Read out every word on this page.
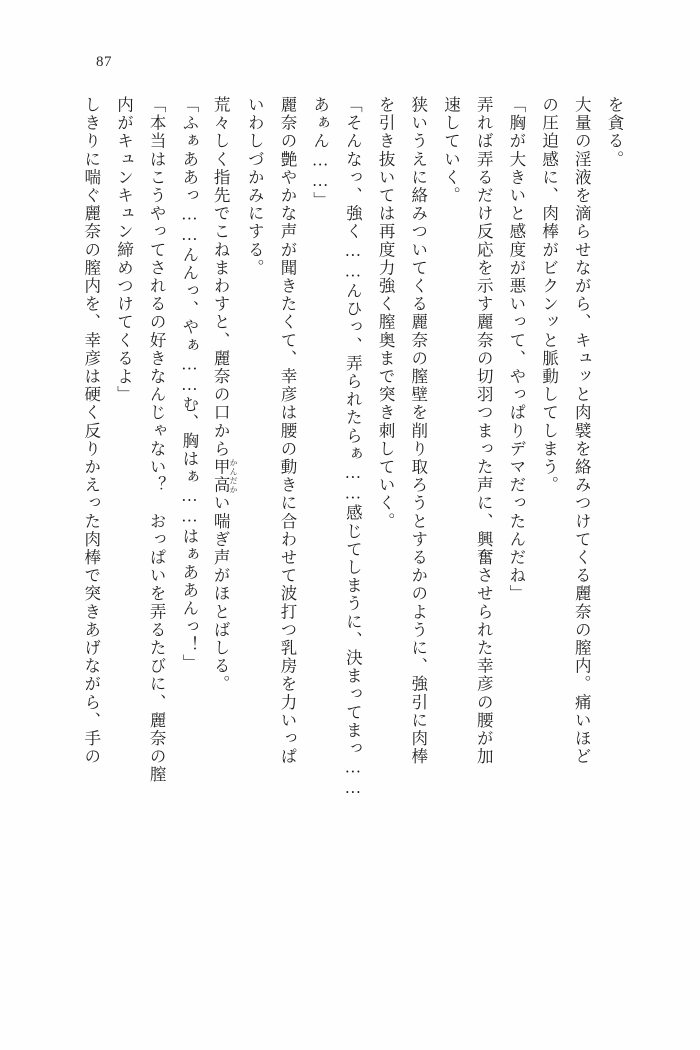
87
を貪る。
大量の淫液を滴らせながら、キュッと肉襞を絡みつけてくる麗奈の膣内。痛いほど
の圧迫感に、肉棒がビクンッと脈動してしまう。
「胸が大きいと感度が悪いって、やっぱりデマだったんだね」
弄れば弄るだけ反応を示す麗奈の切羽つまった声に、興奮させられた幸彦の腰が加
速していく。
狭いうえに絡みついてくる麗奈の膣壁を削り取ろうとするかのように、強引に肉棒
を引き抜いては再度力強く膣奥まで突き刺していく。
「そんなっ、強く……んひっ、弄られたらぁ……感じてしまうに、決まってまっ……
あぁん……」
麗奈の艶やかな声が聞きたくて、幸彦は腰の動きに合わせて波打つ乳房を力いっぱ
いわしづかみにする。
荒々しく指先でこねまわすと、麗奈の口から甲高 かんだかい喘ぎ声がほとばしる。
「ふぁああっ……んんっ、やぁ……む、胸はぁ……はぁああんっ！」
「本当はこうやってされるの好きなんじゃない？　おっぱいを弄るたびに、麗奈の膣
内がキュンキュン締めつけてくるよ」
しきりに喘ぐ麗奈の膣内を、幸彦は硬く反りかえった肉棒で突きあげながら、手の
